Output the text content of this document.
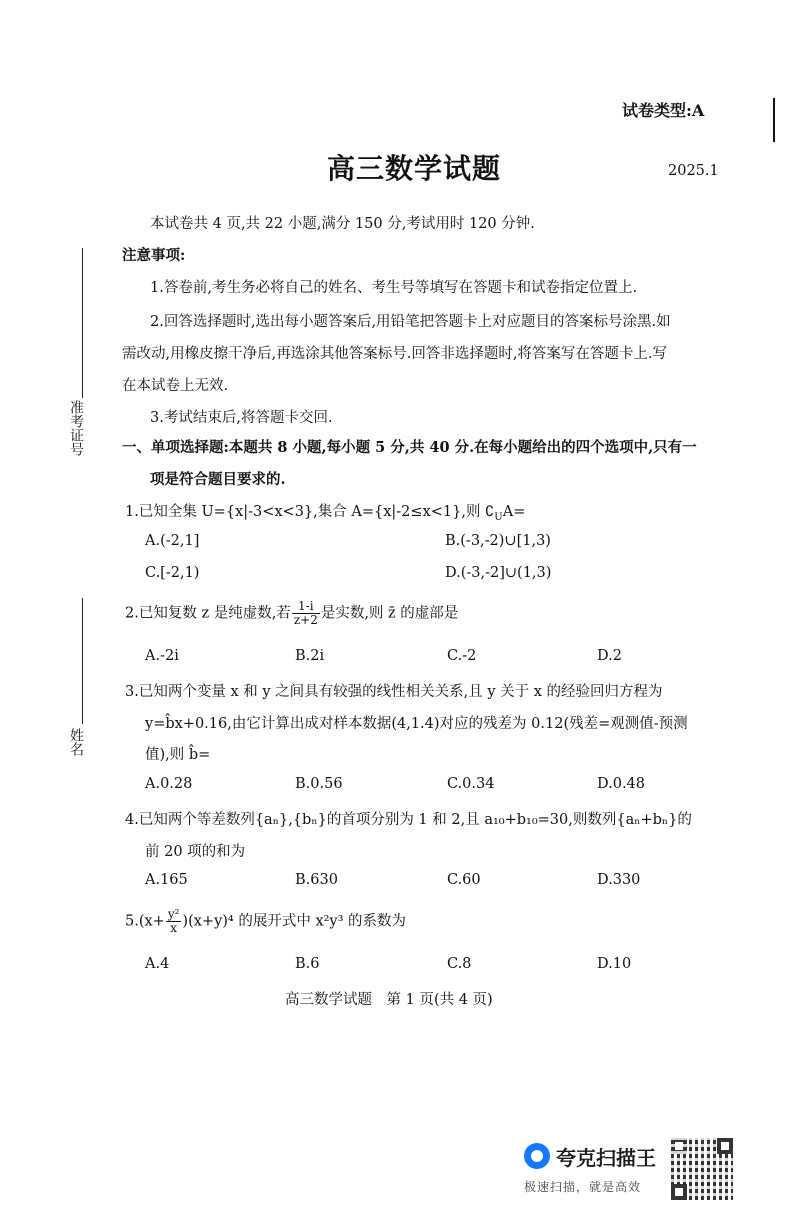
试卷类型:A
高三数学试题	2025.1
本试卷共 4 页,共 22 小题,满分 150 分,考试用时 120 分钟.
注意事项:
1.答卷前,考生务必将自己的姓名、考生号等填写在答题卡和试卷指定位置上.
2.回答选择题时,选出每小题答案后,用铅笔把答题卡上对应题目的答案标号涂黑.如
需改动,用橡皮擦干净后,再选涂其他答案标号.回答非选择题时,将答案写在答题卡上.写
在本试卷上无效.
3.考试结束后,将答题卡交回.
准考证号
姓名
一、单项选择题:本题共 8 小题,每小题 5 分,共 40 分.在每小题给出的四个选项中,只有一
项是符合题目要求的.
1.已知全集 U={x|-3<x<3},集合 A={x|-2≤x<1},则 $∁_UA=$
A.(-2,1]	B.(-3,-2)∪[1,3)
C.[-2,1)	D.(-3,-2]∪(1,3)
2.已知复数 z 是纯虚数,若 $\frac{1-i}{z+2}$ 是实数,则 z̄ 的虚部是
A.-2i	B.2i	C.-2	D.2
3.已知两个变量 x 和 y 之间具有较强的线性相关关系,且 y 关于 x 的经验回归方程为
y=b̂x+0.16,由它计算出成对样本数据(4,1.4)对应的残差为 0.12(残差=观测值-预测
值),则 b̂=
A.0.28	B.0.56	C.0.34	D.0.48
4.已知两个等差数列{aₙ},{bₙ}的首项分别为 1 和 2,且 a₁₀+b₁₀=30,则数列{aₙ+bₙ}的
前 20 项的和为
A.165	B.630	C.60	D.330
$5.(x+ \frac{\text{y²}}{x} )(x+y)^4$ 的展开式中 x²y³ 的系数为
A.4	B.6	C.8	D.10
高三数学试题　第 1 页(共 4 页)
夸克扫描王
极速扫描，就是高效
